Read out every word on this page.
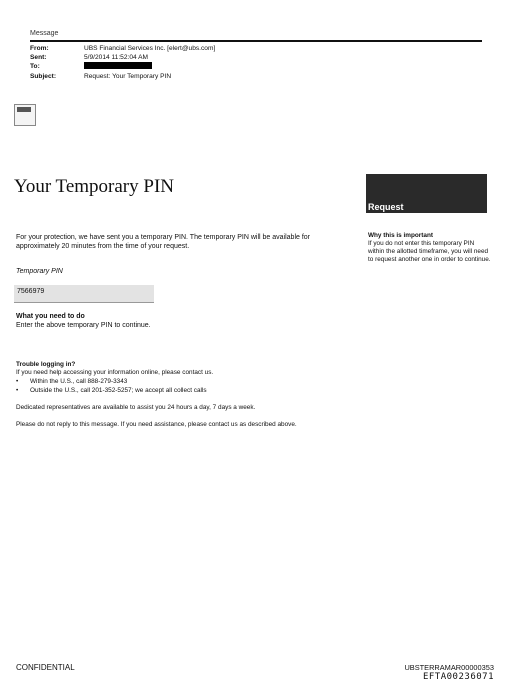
Message
From:	UBS Financial Services Inc. [elert@ubs.com]
Sent:	5/9/2014 11:52:04 AM
To:
Subject:	Request: Your Temporary PIN
Your Temporary PIN
Request
For your protection, we have sent you a temporary PIN. The temporary PIN will be available for approximately 20 minutes from the time of your request.
Why this is important
If you do not enter this temporary PIN within the allotted timeframe, you will need to request another one in order to continue.
Temporary PIN
7566979
What you need to do
Enter the above temporary PIN to continue.
Trouble logging in?
If you need help accessing your information online, please contact us.
• Within the U.S., call 888-279-3343
• Outside the U.S., call 201-352-5257; we accept all collect calls
Dedicated representatives are available to assist you 24 hours a day, 7 days a week.
Please do not reply to this message. If you need assistance, please contact us as described above.
CONFIDENTIAL	UBSTERRAMAR00000353
EFTA00236071
